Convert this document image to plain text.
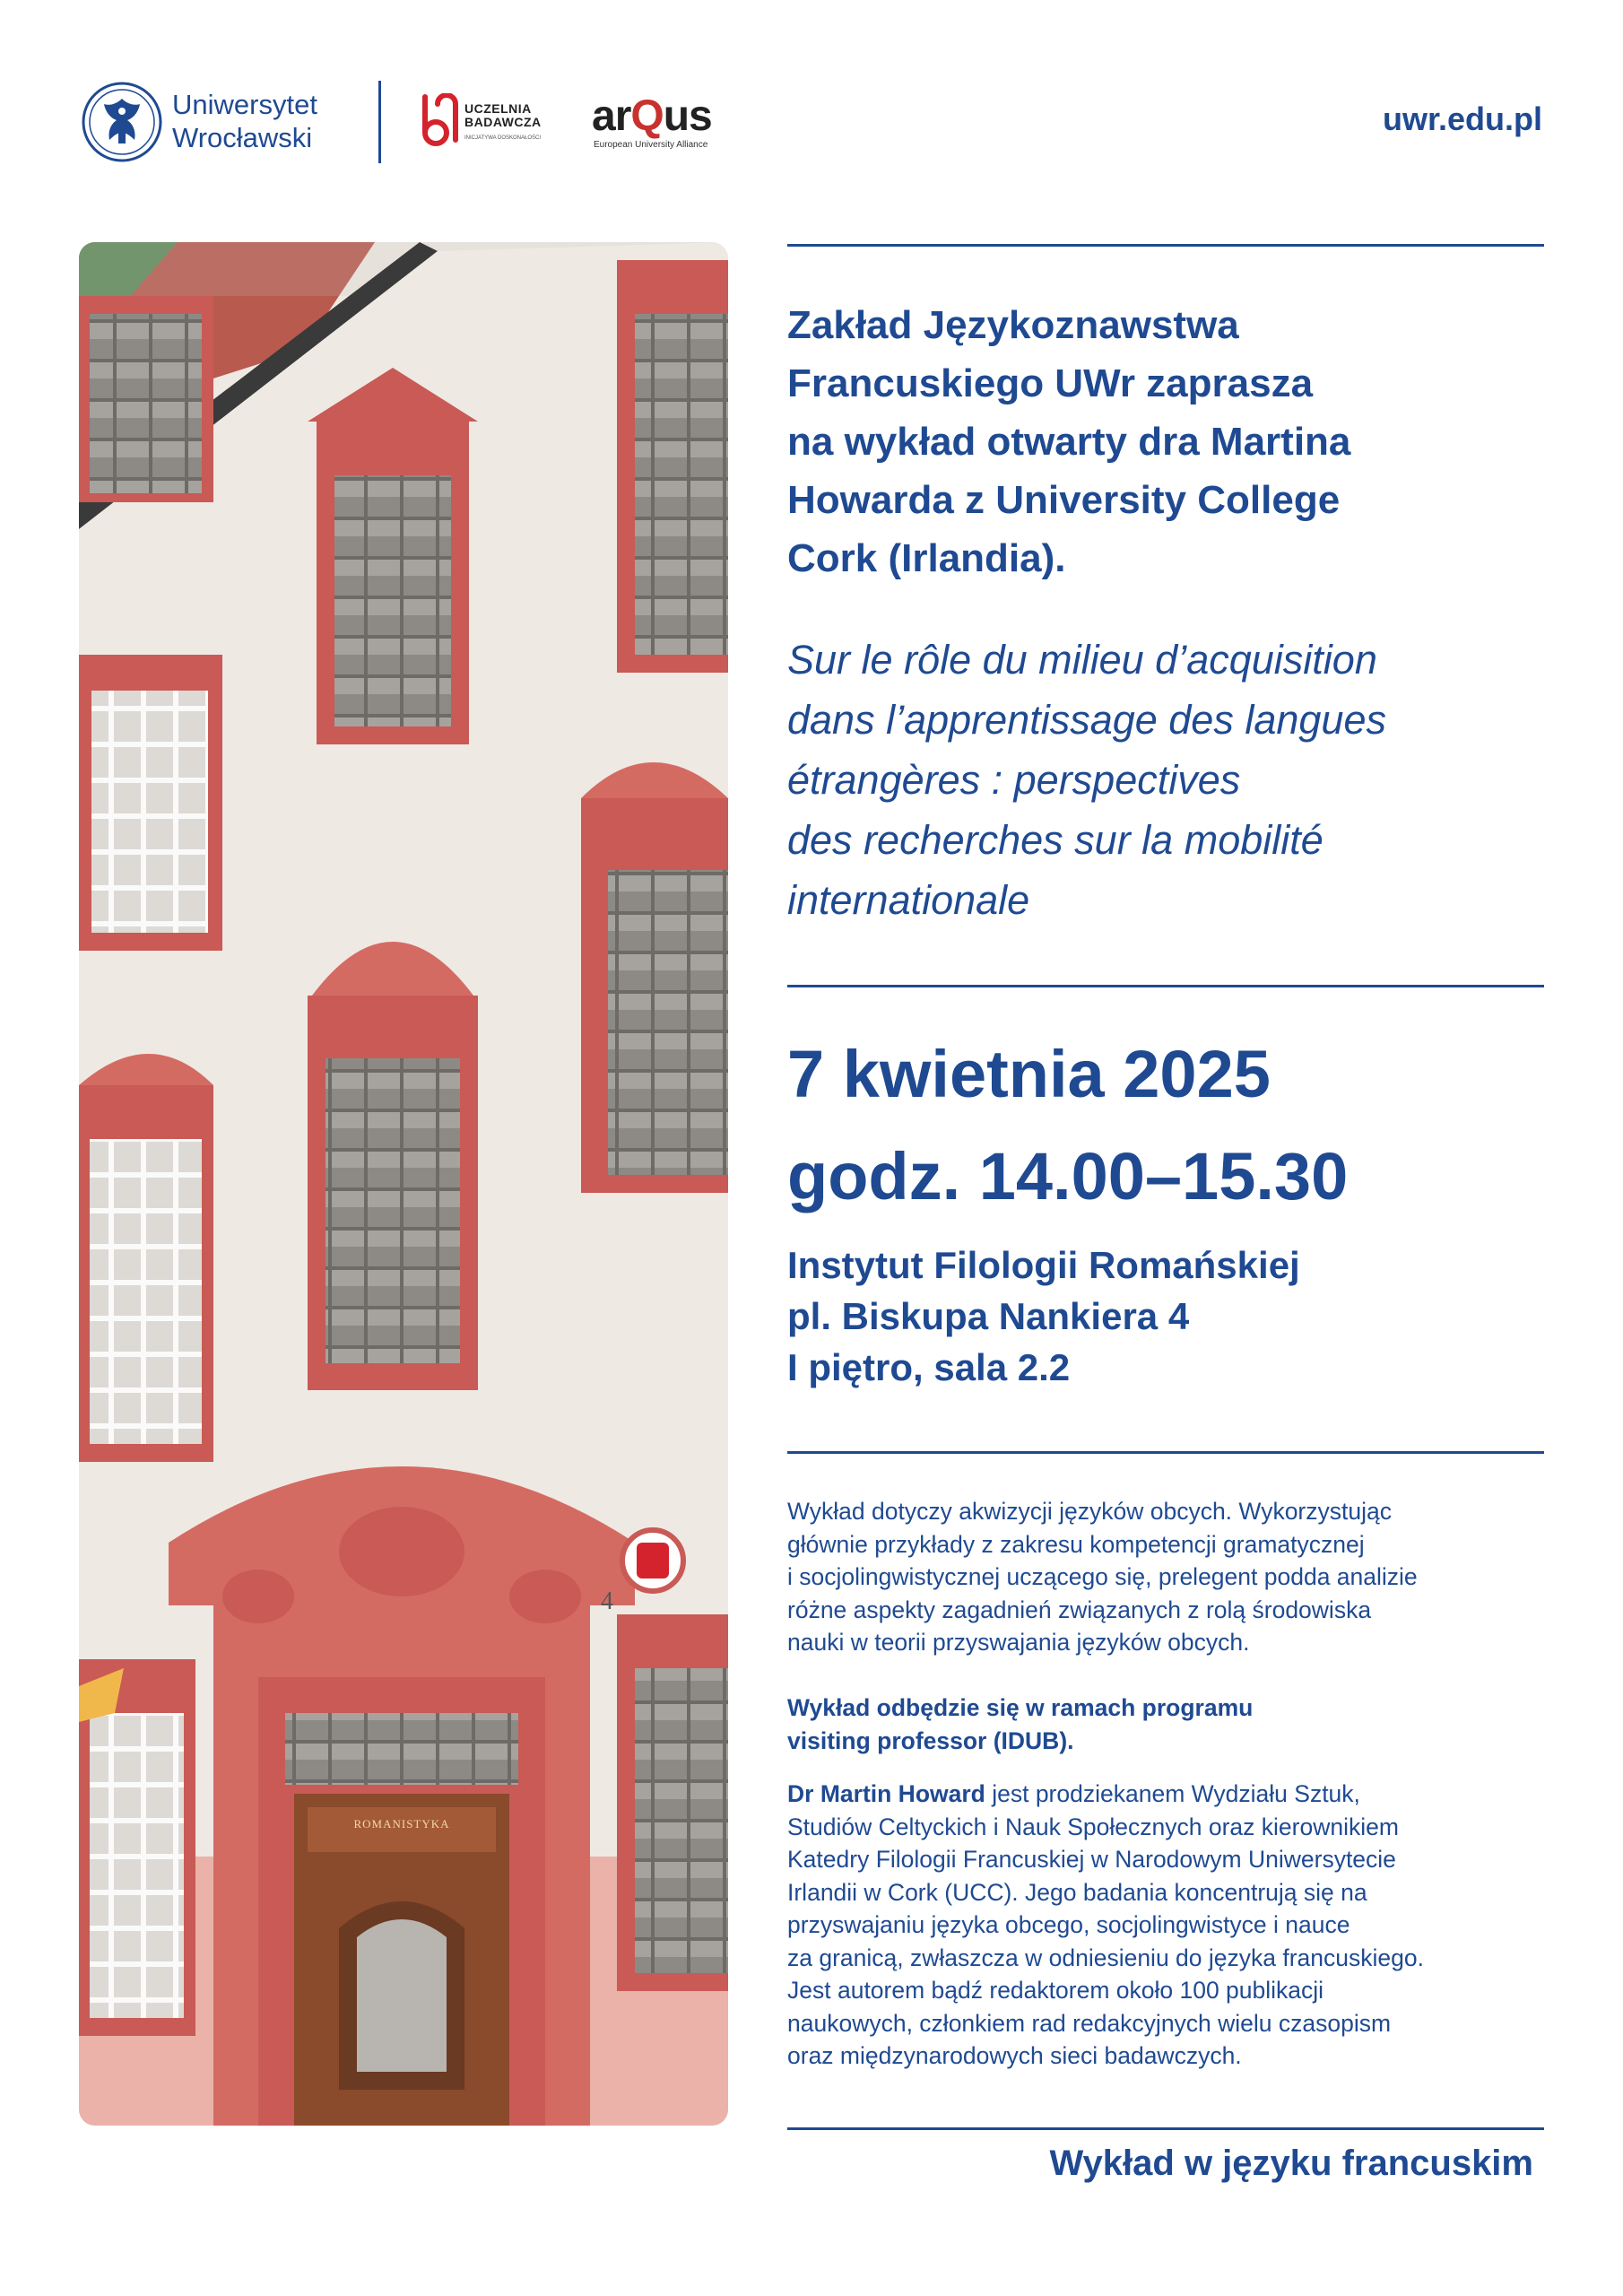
Uniwersytet
Wrocławski
UCZELNIA
BADAWCZA
INICJATYWA DOSKONAŁOŚCI arQus
European University Alliance
uwr.edu.pl
ROMANISTYKA
4
Zakład Językoznawstwa
Francuskiego UWr zaprasza
na wykład otwarty dra Martina
Howarda z University College
Cork (Irlandia).
Sur le rôle du milieu d’acquisition
dans l’apprentissage des langues
étrangères : perspectives
des recherches sur la mobilité
internationale
7 kwietnia 2025
godz. 14.00–15.30
Instytut Filologii Romańskiej
pl. Biskupa Nankiera 4
I piętro, sala 2.2
Wykład dotyczy akwizycji języków obcych. Wykorzystując
głównie przykłady z zakresu kompetencji gramatycznej
i socjolingwistycznej uczącego się, prelegent podda analizie
różne aspekty zagadnień związanych z rolą środowiska
nauki w teorii przyswajania języków obcych.
Wykład odbędzie się w ramach programu
visiting professor (IDUB).
Dr Martin Howard jest prodziekanem Wydziału Sztuk,
Studiów Celtyckich i Nauk Społecznych oraz kierownikiem
Katedry Filologii Francuskiej w Narodowym Uniwersytecie
Irlandii w Cork (UCC). Jego badania koncentrują się na
przyswajaniu języka obcego, socjolingwistyce i nauce
za granicą, zwłaszcza w odniesieniu do języka francuskiego.
Jest autorem bądź redaktorem około 100 publikacji
naukowych, członkiem rad redakcyjnych wielu czasopism
oraz międzynarodowych sieci badawczych.
Wykład w języku francuskim
